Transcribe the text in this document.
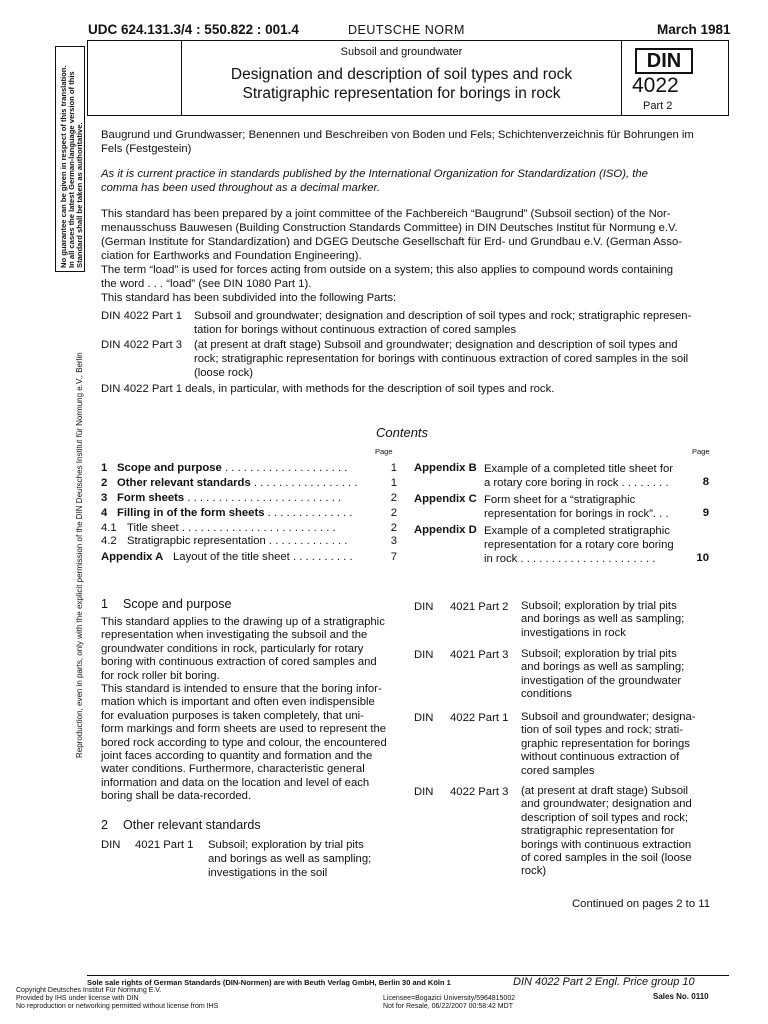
UDC 624.131.3/4 : 550.822 : 001.4	DEUTSCHE NORM	March 1981
Subsoil and groundwater
Designation and description of soil types and rock
Stratigraphic representation for borings in rock
DIN
4022
Part 2
No guarantee can be given in respect of this translation. In all cases the latest German-language version of this Standard shall be taken as authoritative.
Reproduction, even in parts, only with the explicit permission of the DIN Deutsches Institut für Normung e.V., Berlin
Baugrund und Grundwasser; Benennen und Beschreiben von Boden und Fels; Schichtenverzeichnis für Bohrungen im
Fels (Festgestein)
As it is current practice in standards published by the International Organization for Standardization (ISO), the
comma has been used throughout as a decimal marker.
This standard has been prepared by a joint committee of the Fachbereich “Baugrund” (Subsoil section) of the Nor-
menausschuss Bauwesen (Building Construction Standards Committee) in DIN Deutsches Institut für Normung e.V.
(German Institute for Standardization) and DGEG Deutsche Gesellschaft für Erd- und Grundbau e.V. (German Asso-
ciation for Earthworks and Foundation Engineering).
The term “load” is used for forces acting from outside on a system; this also applies to compound words containing
the word . . . “load” (see DIN 1080 Part 1).
This standard has been subdivided into the following Parts:
DIN 4022 Part 1 Subsoil and groundwater; designation and description of soil types and rock; stratigraphic represen-
tation for borings without continuous extraction of cored samples
DIN 4022 Part 3 (at present at draft stage) Subsoil and groundwater; designation and description of soil types and
rock; stratigraphic representation for borings with continuous extraction of cored samples in the soil
(loose rock)
DIN 4022 Part 1 deals, in particular, with methods for the description of soil types and rock.
Contents
Page	Page
1 Scope and purpose . . . . . . . . . . . . . . . . . . . .	1
2 Other relevant standards . . . . . . . . . . . . . . . . .	1
3 Form sheets . . . . . . . . . . . . . . . . . . . . . . . . .	2
4 Filling in of the form sheets . . . . . . . . . . . . . .	2
4.1 Title sheet . . . . . . . . . . . . . . . . . . . . . . . . .	2
4.2 Stratigrapbic representation . . . . . . . . . . . . .	3
Appendix A Layout of the title sheet . . . . . . . . . .	7
Appendix B Example of a completed title sheet for
a rotary core boring in rock . . . . . . . .	8
Appendix C Form sheet for a “stratigraphic
representation for borings in rock”. . .	9
Appendix D Example of a completed stratigraphic
representation for a rotary core boring
in rock . . . . . . . . . . . . . . . . . . . . . .	10
1 Scope and purpose
This standard applies to the drawing up of a stratigraphic
representation when investigating the subsoil and the
groundwater conditions in rock, particularly for rotary
boring with continuous extraction of cored samples and
for rock roller bit boring.
This standard is intended to ensure that the boring infor-
mation which is important and often even indispensible
for evaluation purposes is taken completely, that uni-
form markings and form sheets are used to represent the
bored rock according to type and colour, the encountered
joint faces according to quantity and formation and the
water conditions. Furthermore, characteristic general
information and data on the location and level of each
boring shall be data-recorded.
2 Other relevant standards
DIN 4021 Part 1 Subsoil; exploration by trial pits
and borings as well as sampling;
investigations in the soil
DIN 4021 Part 2 Subsoil; exploration by trial pits
and borings as well as sampling;
investigations in rock
DIN 4021 Part 3 Subsoil; exploration by trial pits
and borings as well as sampling;
investigation of the groundwater
conditions
DIN 4022 Part 1 Subsoil and groundwater; designa-
tion of soil types and rock; strati-
graphic representation for borings
without continuous extraction of
cored samples
DIN 4022 Part 3 (at present at draft stage) Subsoil
and groundwater; designation and
description of soil types and rock;
stratigraphic representation for
borings with continuous extraction
of cored samples in the soil (loose
rock)
Continued on pages 2 to 11
Sole sale rights of German Standards (DIN-Normen) are with Beuth Verlag GmbH, Berlin 30 and Köln 1	DIN 4022 Part 2 Engl. Price group 10
Sales No. 0110
Copyright Deutsches Institut Für Normung E.V.
Provided by IHS under license with DIN
No reproduction or networking permitted without license from IHS
Licensee=Bogazici University/5964815002
Not for Resale, 06/22/2007 00:58:42 MDT
